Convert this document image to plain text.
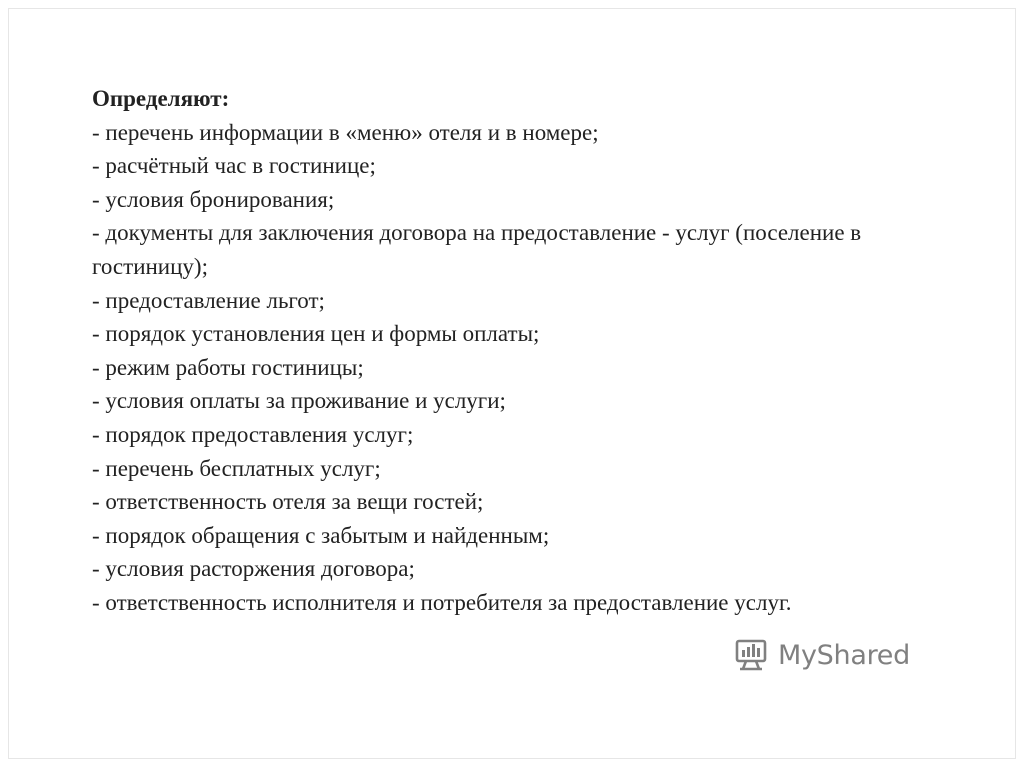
Определяют:

- перечень информации в «меню» отеля и в номере;
- расчётный час в гостинице;
- условия бронирования;
- документы для заключения договора на предоставление - услуг (поселение в гостиницу);
- предоставление льгот;
- порядок установления цен и формы оплаты;
- режим работы гостиницы;
- условия оплаты за проживание и услуги;
- порядок предоставления услуг;
- перечень бесплатных услуг;
- ответственность отеля за вещи гостей;
- порядок обращения с забытым и найденным;
- условия расторжения договора;
- ответственность исполнителя и потребителя за предоставление услуг.
MyShared
